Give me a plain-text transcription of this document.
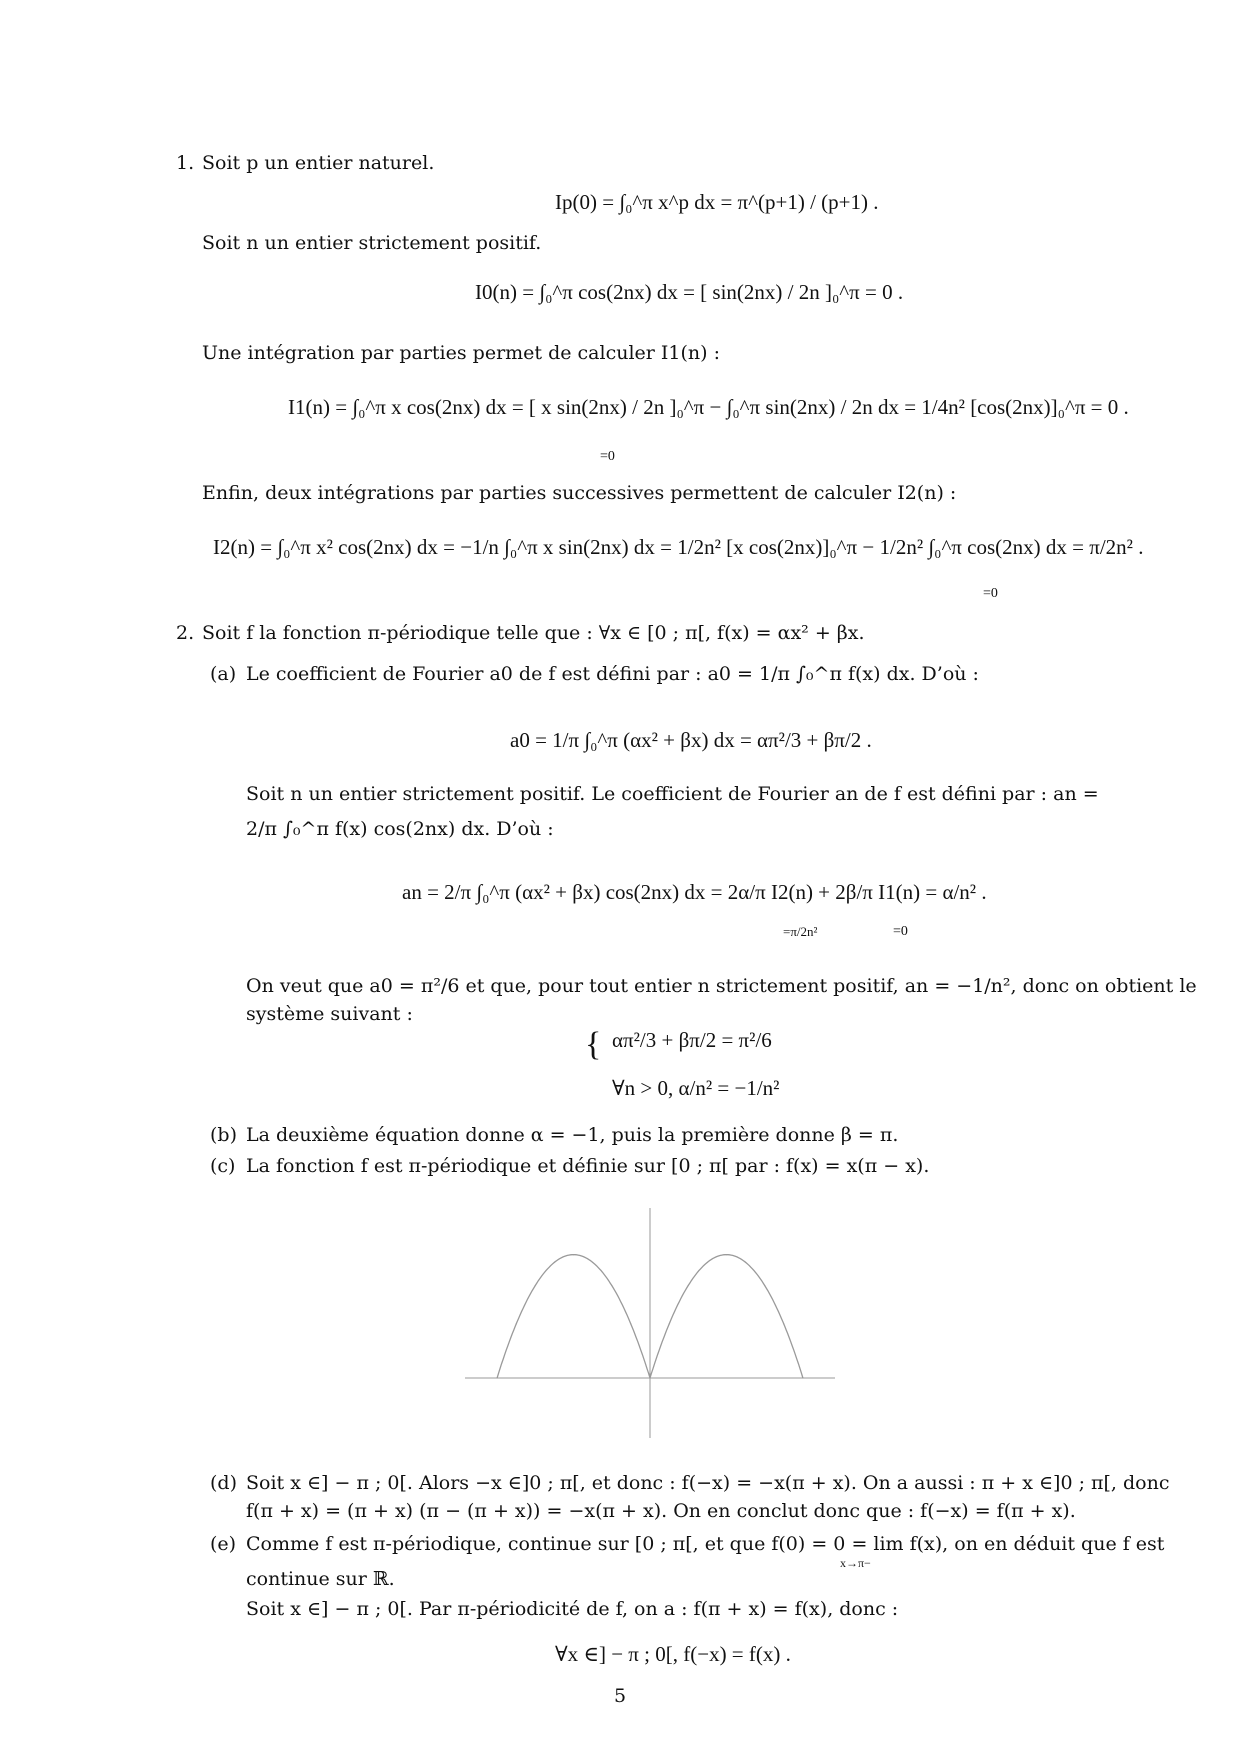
1. Soit p un entier naturel.
Ip(0) = ∫₀^π x^p dx = π^(p+1) / (p+1) .
Soit n un entier strictement positif.
I0(n) = ∫₀^π cos(2nx) dx = [ sin(2nx) / 2n ]₀^π = 0 .
Une intégration par parties permet de calculer I1(n) :
I1(n) = ∫₀^π x cos(2nx) dx = [ x sin(2nx) / 2n ]₀^π − ∫₀^π sin(2nx) / 2n dx = 1/4n² [cos(2nx)]₀^π = 0 .
=0
Enfin, deux intégrations par parties successives permettent de calculer I2(n) :
I2(n) = ∫₀^π x² cos(2nx) dx = −1/n ∫₀^π x sin(2nx) dx = 1/2n² [x cos(2nx)]₀^π − 1/2n² ∫₀^π cos(2nx) dx = π/2n² .
=0
2. Soit f la fonction π-périodique telle que : ∀x ∈ [0 ; π[, f(x) = αx² + βx.
(a) Le coefficient de Fourier a0 de f est défini par : a0 = 1/π ∫₀^π f(x) dx. D’où :
a0 = 1/π ∫₀^π (αx² + βx) dx = απ²/3 + βπ/2 .
Soit n un entier strictement positif. Le coefficient de Fourier an de f est défini par : an =
2/π ∫₀^π f(x) cos(2nx) dx. D’où :
an = 2/π ∫₀^π (αx² + βx) cos(2nx) dx = 2α/π I2(n) + 2β/π I1(n) = α/n² .
=π/2n²	=0
On veut que a0 = π²/6 et que, pour tout entier n strictement positif, an = −1/n², donc on obtient le
système suivant :
{ απ²/3 + βπ/2 = π²/6
∀n > 0, α/n² = −1/n²
(b) La deuxième équation donne α = −1, puis la première donne β = π.
(c) La fonction f est π-périodique et définie sur [0 ; π[ par : f(x) = x(π − x).
(d) Soit x ∈] − π ; 0[. Alors −x ∈]0 ; π[, et donc : f(−x) = −x(π + x). On a aussi : π + x ∈]0 ; π[, donc
f(π + x) = (π + x) (π − (π + x)) = −x(π + x). On en conclut donc que : f(−x) = f(π + x).
(e) Comme f est π-périodique, continue sur [0 ; π[, et que f(0) = 0 = lim f(x), on en déduit que f est
x→π−
continue sur ℝ.
Soit x ∈] − π ; 0[. Par π-périodicité de f, on a : f(π + x) = f(x), donc :
∀x ∈] − π ; 0[, f(−x) = f(x) .
5
